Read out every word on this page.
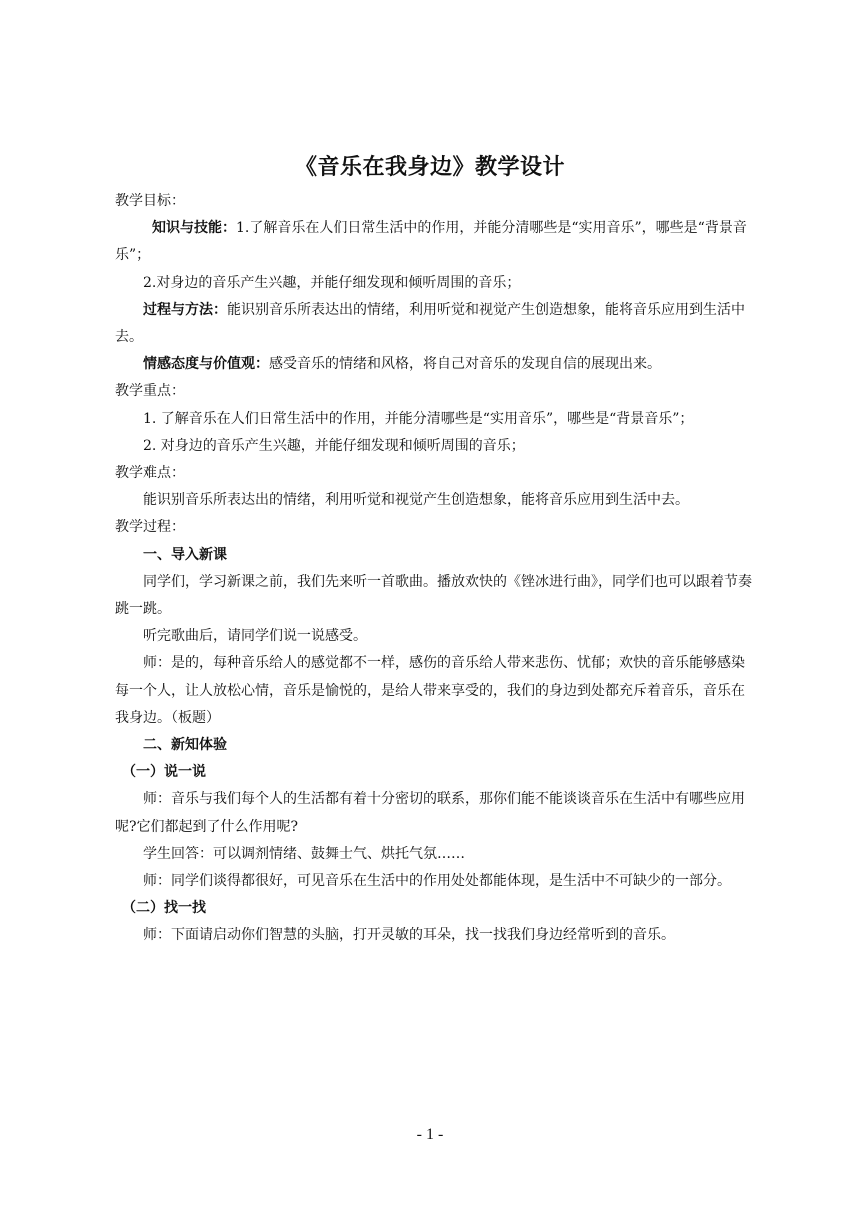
《音乐在我身边》教学设计

教学目标：

知识与技能：1.了解音乐在人们日常生活中的作用，并能分清哪些是“实用音乐”，哪些是“背景音乐”；

2.对身边的音乐产生兴趣，并能仔细发现和倾听周围的音乐；

过程与方法：能识别音乐所表达出的情绪，利用听觉和视觉产生创造想象，能将音乐应用到生活中去。

情感态度与价值观：感受音乐的情绪和风格，将自己对音乐的发现自信的展现出来。

教学重点：

1. 了解音乐在人们日常生活中的作用，并能分清哪些是“实用音乐”，哪些是“背景音乐”；

2. 对身边的音乐产生兴趣，并能仔细发现和倾听周围的音乐；

教学难点：

能识别音乐所表达出的情绪，利用听觉和视觉产生创造想象，能将音乐应用到生活中去。

教学过程：

一、导入新课

同学们，学习新课之前，我们先来听一首歌曲。播放欢快的《锉冰进行曲》，同学们也可以跟着节奏跳一跳。

听完歌曲后，请同学们说一说感受。

师：是的，每种音乐给人的感觉都不一样，感伤的音乐给人带来悲伤、忧郁；欢快的音乐能够感染每一个人，让人放松心情，音乐是愉悦的，是给人带来享受的，我们的身边到处都充斥着音乐，音乐在我身边。（板题）

二、新知体验

（一）说一说

师：音乐与我们每个人的生活都有着十分密切的联系，那你们能不能谈谈音乐在生活中有哪些应用呢?它们都起到了什么作用呢?

学生回答：可以调剂情绪、鼓舞士气、烘托气氛……

师：同学们谈得都很好，可见音乐在生活中的作用处处都能体现，是生活中不可缺少的一部分。

（二）找一找

师：下面请启动你们智慧的头脑，打开灵敏的耳朵，找一找我们身边经常听到的音乐。

- 1 -
